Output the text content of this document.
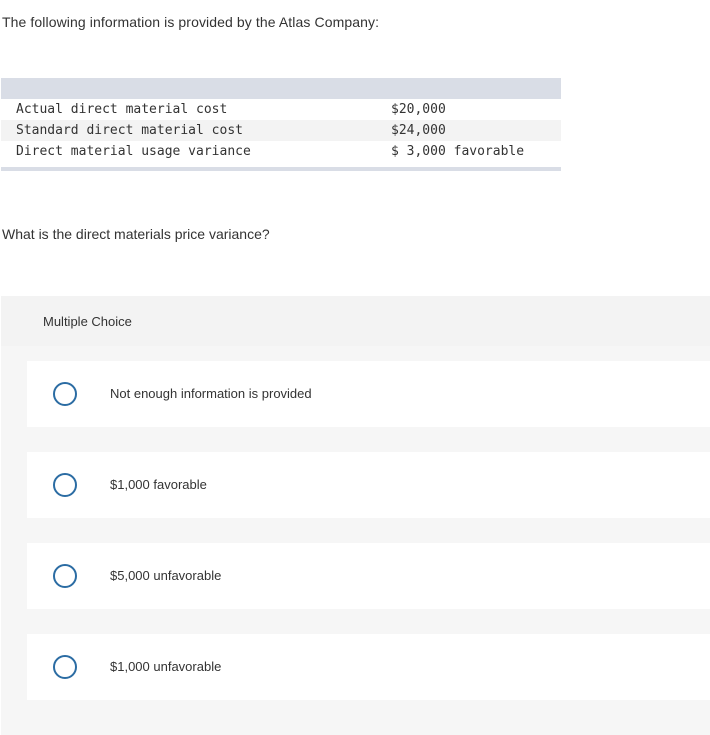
The following information is provided by the Atlas Company:
Actual direct material cost	$20,000
Standard direct material cost	$24,000
Direct material usage variance	$ 3,000 favorable
What is the direct materials price variance?
Multiple Choice
Not enough information is provided
$1,000 favorable
$5,000 unfavorable
$1,000 unfavorable
